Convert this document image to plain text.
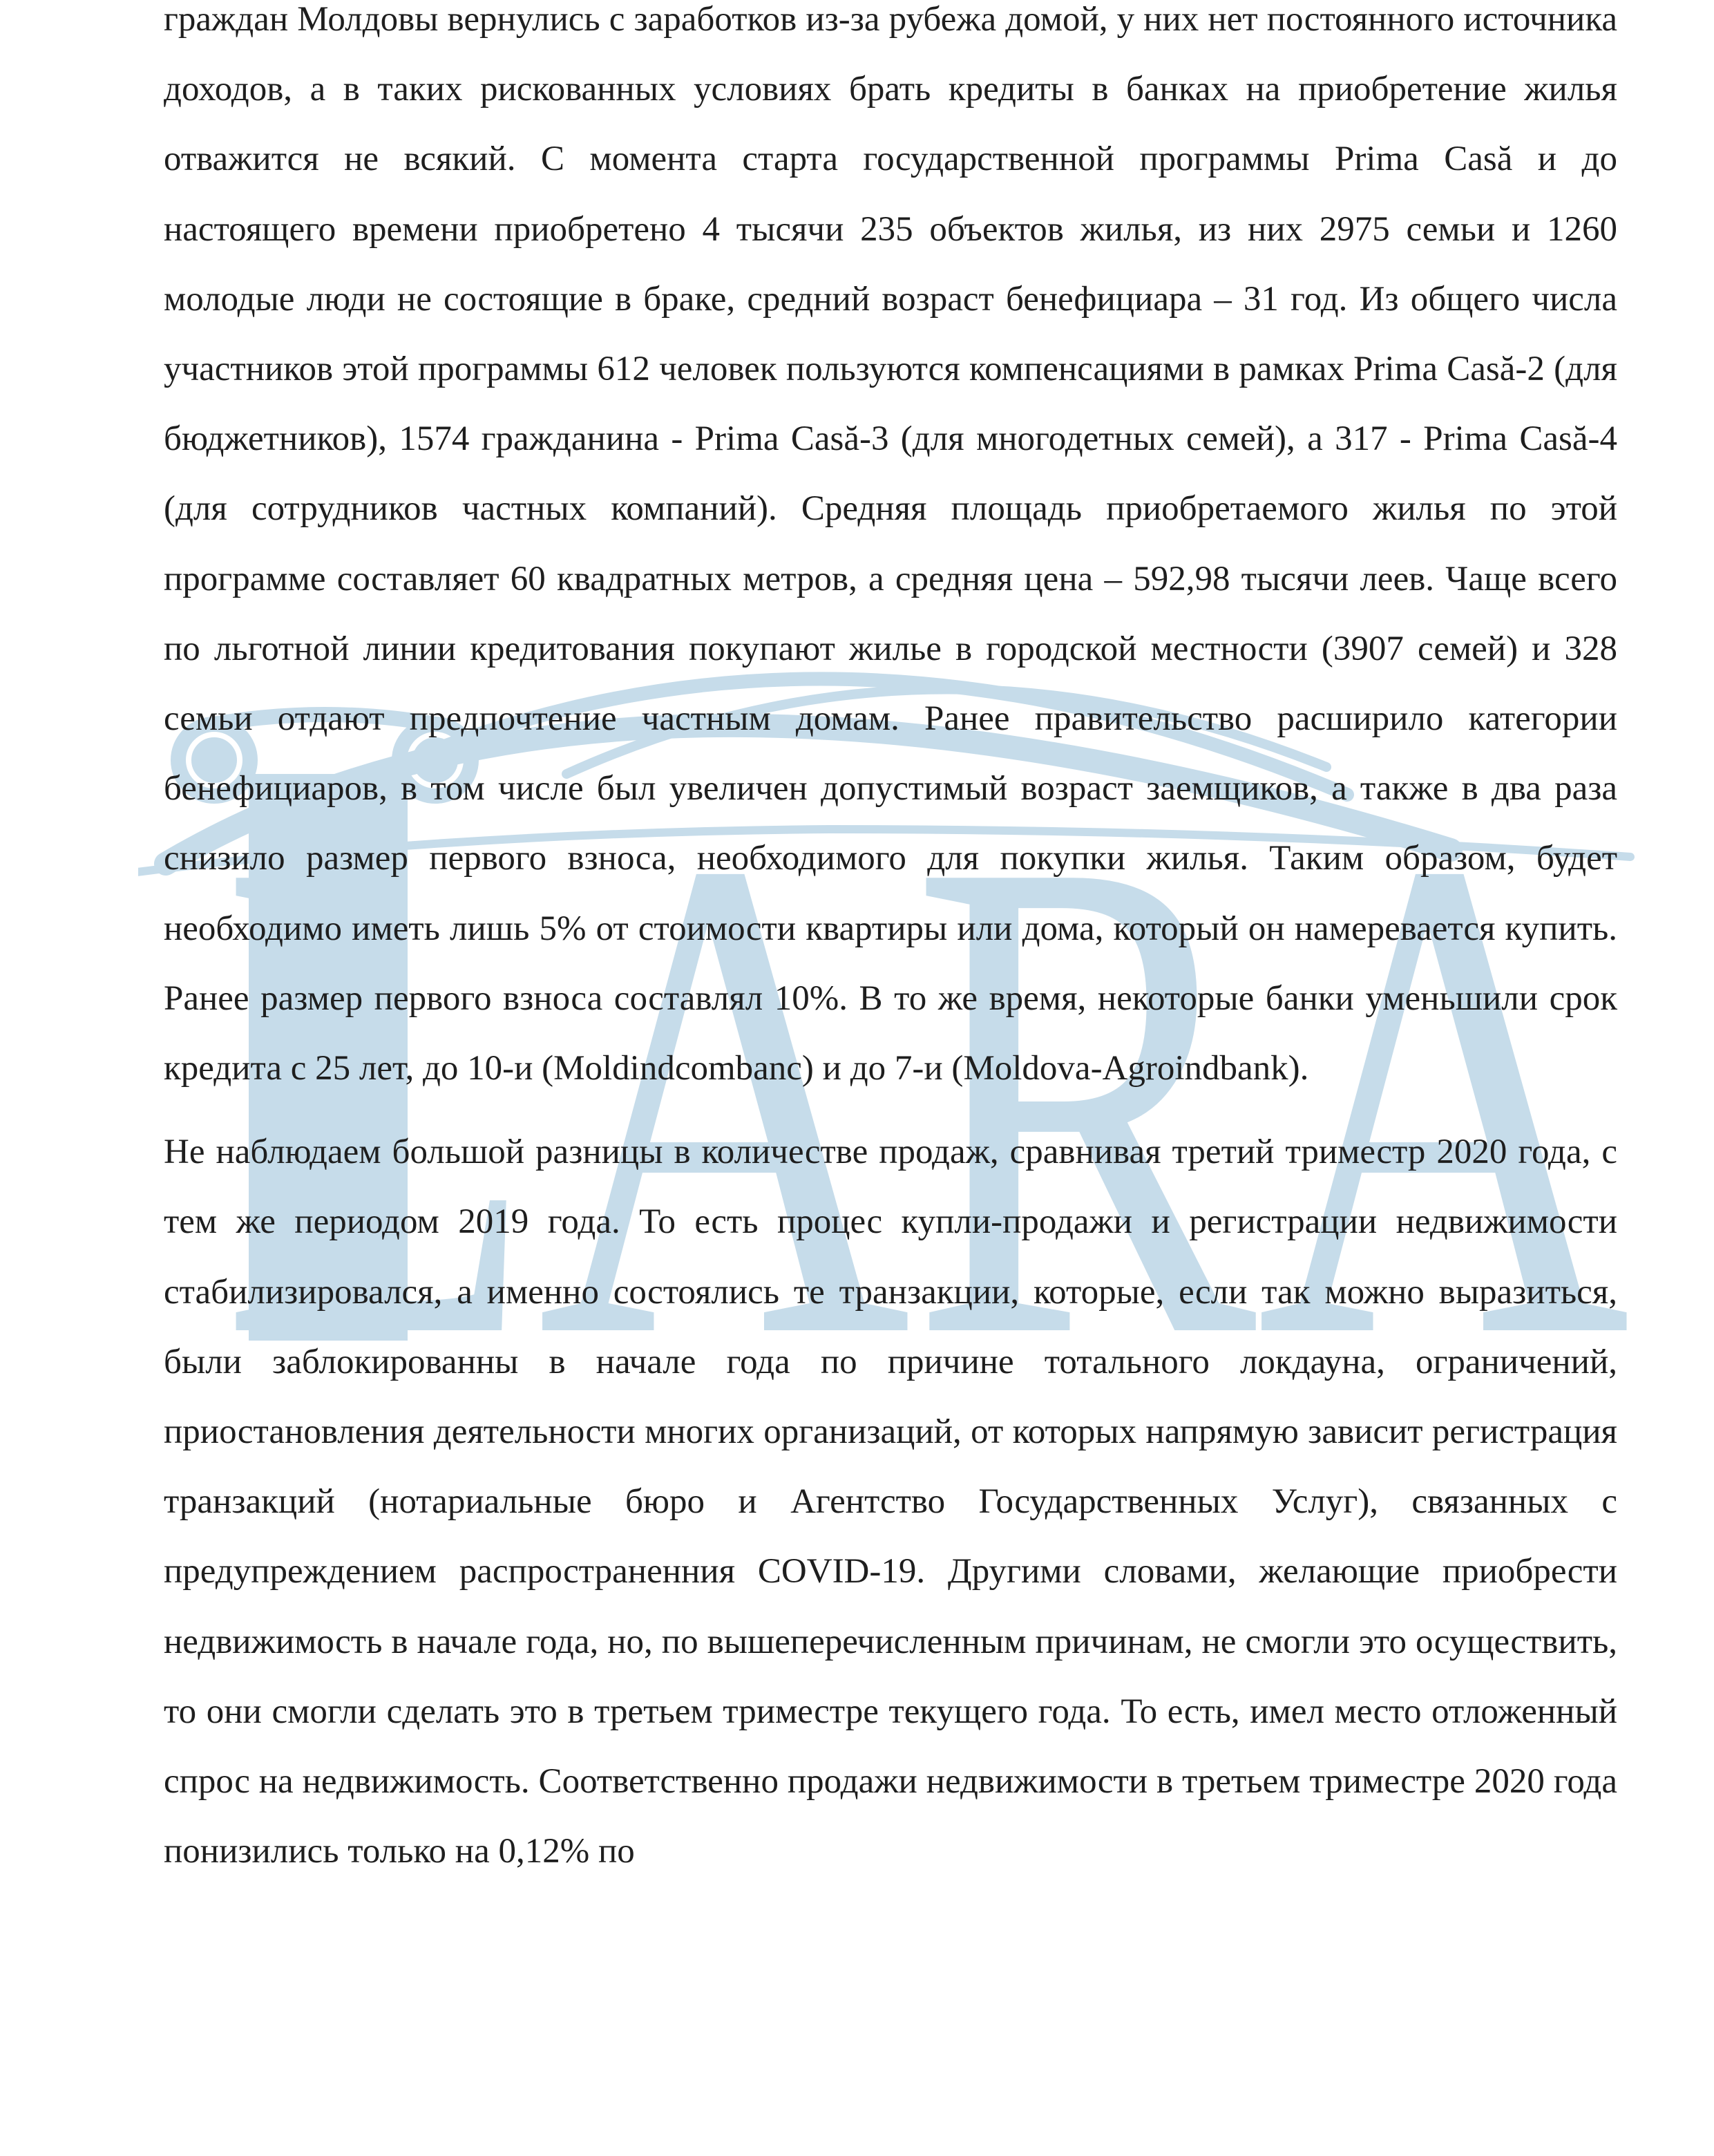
LARA

граждан Молдовы вернулись с заработков из-за рубежа домой, у них нет постоянного источника доходов, а в таких рискованных условиях брать кредиты в банках на приобретение жилья отважится не всякий. С момента старта государственной программы Prima Casă и до настоящего времени приобретено 4 тысячи 235 объектов жилья, из них 2975 семьи и 1260 молодые люди не состоящие в браке, средний возраст бенефициара – 31 год. Из общего числа участников этой программы 612 человек пользуются компенсациями в рамках Prima Casă-2 (для бюджетников), 1574 гражданина - Prima Casă-3 (для многодетных семей), а 317 - Prima Casă-4 (для сотрудников частных компаний). Средняя площадь приобретаемого жилья по этой программе составляет 60 квадратных метров, а средняя цена – 592,98 тысячи леев. Чаще всего по льготной линии кредитования покупают жилье в городской местности (3907 семей) и 328 семьи отдают предпочтение частным домам. Ранее правительство расширило категории бенефициаров, в том числе был увеличен допустимый возраст заемщиков, а также в два раза снизило размер первого взноса, необходимого для покупки жилья. Таким образом, будет необходимо иметь лишь 5% от стоимости квартиры или дома, который он намеревается купить. Ранее размер первого взноса составлял 10%. В то же время, некоторые банки уменьшили срок кредита с 25 лет, до 10-и (Moldindcombanc) и до 7-и (Moldova-Agroindbank).

Не наблюдаем большой разницы в количестве продаж, сравнивая третий триместр 2020 года, с тем же периодом 2019 года. То есть процес купли-продажи и регистрации недвижимости стабилизировался, а именно состоялись те транзакции, которые, если так можно выразиться, были заблокированны в начале года по причине тотального локдауна, ограничений, приостановления деятельности многих организаций, от которых напрямую зависит регистрация транзакций (нотариальные бюро и Агентство Государственных Услуг), связанных с предупреждением распространенния COVID-19. Другими словами, желающие приобрести недвижимость в начале года, но, по вышеперечисленным причинам, не смогли это осуществить, то они смогли сделать это в третьем триместре текущего года. То есть, имел место отложенный спрос на недвижимость. Соответственно продажи недвижимости в третьем триместре 2020 года понизились только на 0,12% по
